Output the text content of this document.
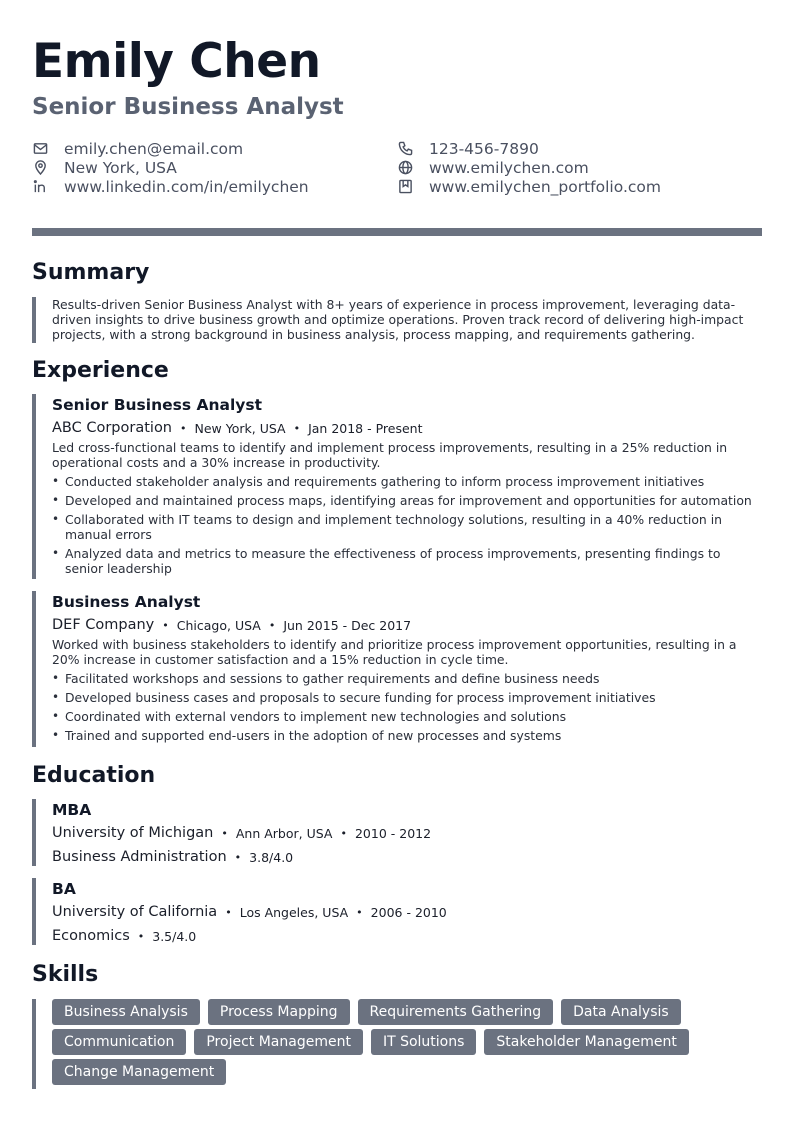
Emily Chen
Senior Business Analyst
emily.chen@email.com
New York, USA
www.linkedin.com/in/emilychen
123-456-7890
www.emilychen.com
www.emilychen_portfolio.com
Summary
Results-driven Senior Business Analyst with 8+ years of experience in process improvement, leveraging data-driven insights to drive business growth and optimize operations. Proven track record of delivering high-impact projects, with a strong background in business analysis, process mapping, and requirements gathering.
Experience
Senior Business Analyst
ABC Corporation • New York, USA • Jan 2018 - Present
Led cross-functional teams to identify and implement process improvements, resulting in a 25% reduction in operational costs and a 30% increase in productivity.
• Conducted stakeholder analysis and requirements gathering to inform process improvement initiatives
• Developed and maintained process maps, identifying areas for improvement and opportunities for automation
• Collaborated with IT teams to design and implement technology solutions, resulting in a 40% reduction in manual errors
• Analyzed data and metrics to measure the effectiveness of process improvements, presenting findings to senior leadership
Business Analyst
DEF Company • Chicago, USA • Jun 2015 - Dec 2017
Worked with business stakeholders to identify and prioritize process improvement opportunities, resulting in a 20% increase in customer satisfaction and a 15% reduction in cycle time.
• Facilitated workshops and sessions to gather requirements and define business needs
• Developed business cases and proposals to secure funding for process improvement initiatives
• Coordinated with external vendors to implement new technologies and solutions
• Trained and supported end-users in the adoption of new processes and systems
Education
MBA
University of Michigan • Ann Arbor, USA • 2010 - 2012
Business Administration • 3.8/4.0
BA
University of California • Los Angeles, USA • 2006 - 2010
Economics • 3.5/4.0
Skills
Business Analysis	Process Mapping	Requirements Gathering	Data Analysis
Communication	Project Management	IT Solutions	Stakeholder Management
Change Management
